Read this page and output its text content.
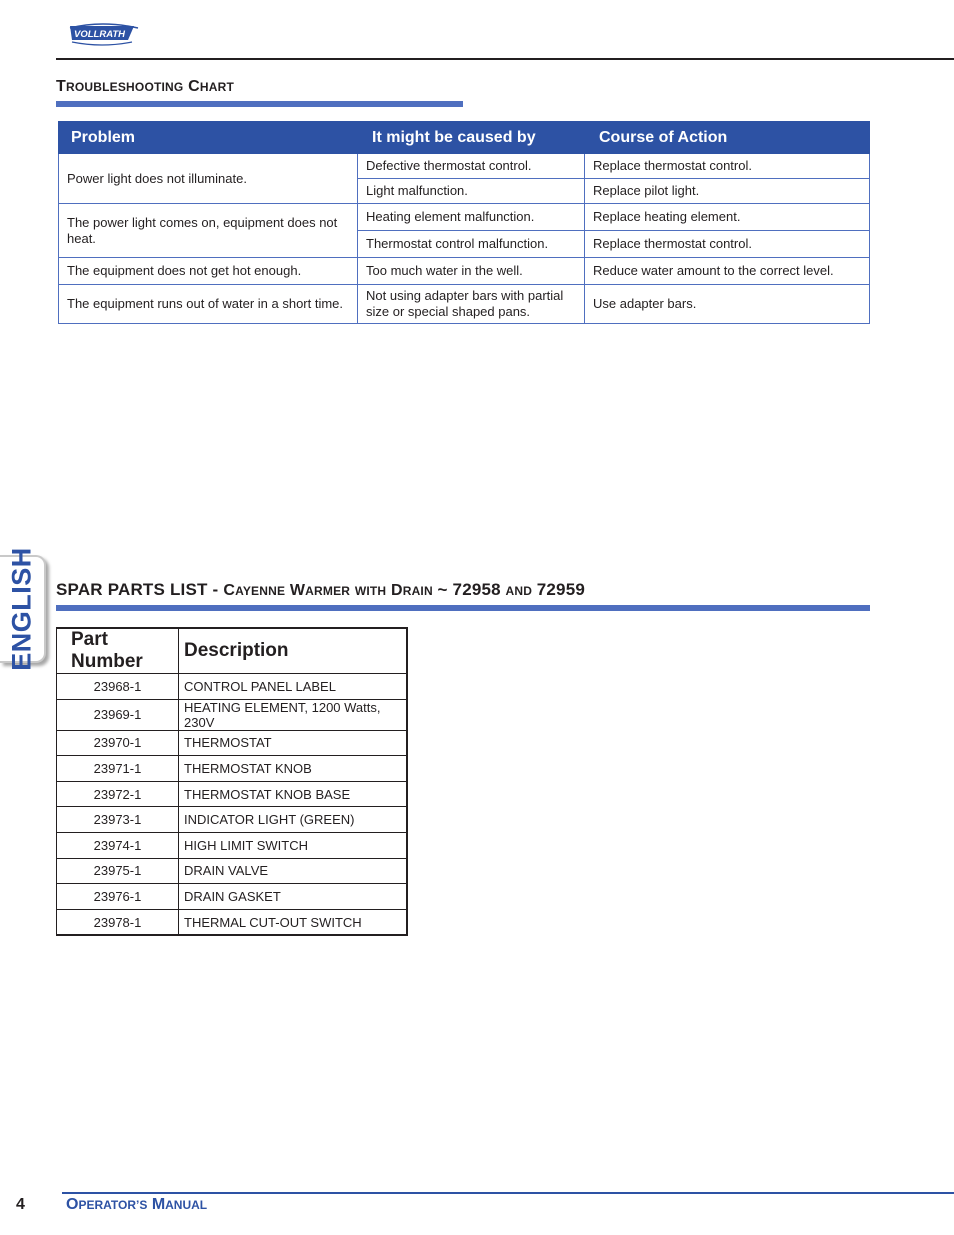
VOLLRATH
TROUBLESHOOTING CHART
Problem	It might be caused by	Course of Action
Power light does not illuminate.	Defective thermostat control.	Replace thermostat control.
	Light malfunction.	Replace pilot light.
The power light comes on, equipment does not heat.	Heating element malfunction.	Replace heating element.
	Thermostat control malfunction.	Replace thermostat control.
The equipment does not get hot enough.	Too much water in the well.	Reduce water amount to the correct level.
The equipment runs out of water in a short time.	Not using adapter bars with partial size or special shaped pans.	Use adapter bars.
ENGLISH SPAR PARTS LIST - CAYENNE WARMER WITH DRAIN ~ 72958 AND 72959
Part Number	Description
23968-1	CONTROL PANEL LABEL
23969-1	HEATING ELEMENT, 1200 Watts, 230V
23970-1	THERMOSTAT
23971-1	THERMOSTAT KNOB
23972-1	THERMOSTAT KNOB BASE
23973-1	INDICATOR LIGHT (GREEN)
23974-1	HIGH LIMIT SWITCH
23975-1	DRAIN VALVE
23976-1	DRAIN GASKET
23978-1	THERMAL CUT-OUT SWITCH
4	OPERATOR’S MANUAL
